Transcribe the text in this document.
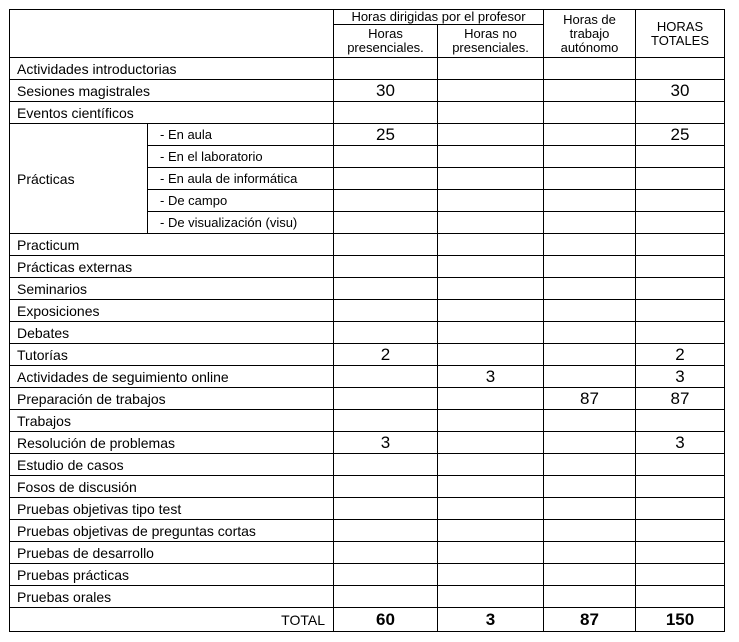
		Horas dirigidas por el profesor		Horas de trabajo autónomo	HORAS TOTALES
		Horas presenciales.	Horas no presenciales.		
Actividades introductorias					
Sesiones magistrales		30			30
Eventos científicos					
Prácticas	- En aula	25			25
	- En el laboratorio				
	- En aula de informática				
	- De campo				
	- De visualización (visu)				
Practicum					
Prácticas externas					
Seminarios					
Exposiciones					
Debates					
Tutorías		2			2
Actividades de seguimiento online			3		3
Preparación de trabajos				87	87
Trabajos					
Resolución de problemas		3			3
Estudio de casos					
Fosos de discusión					
Pruebas objetivas tipo test					
Pruebas objetivas de preguntas cortas					
Pruebas de desarrollo					
Pruebas prácticas					
Pruebas orales					
TOTAL		60	3	87	150
